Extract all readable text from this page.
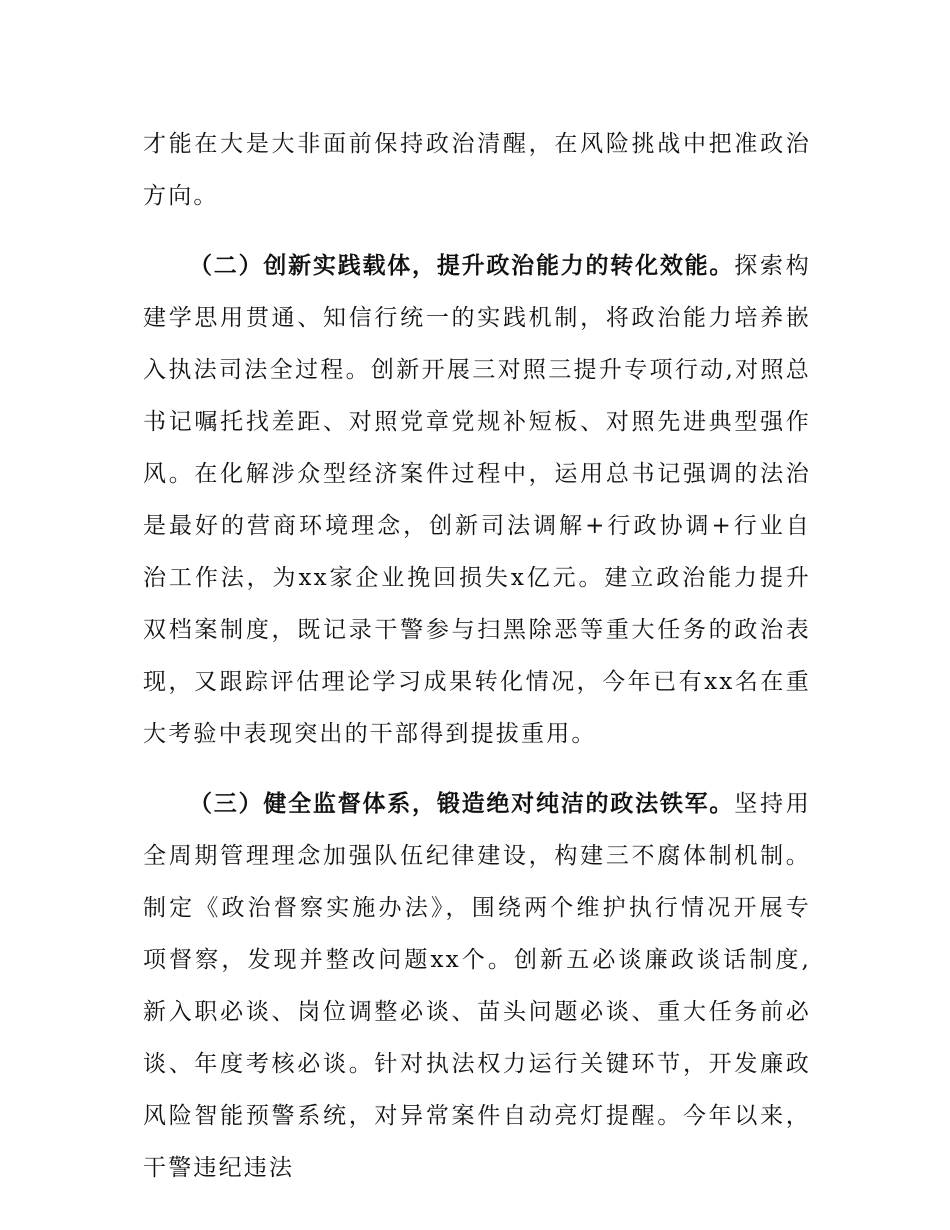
才能在大是大非面前保持政治清醒，在风险挑战中把准政治方向。

（二）创新实践载体，提升政治能力的转化效能。探索构建学思用贯通、知信行统一的实践机制，将政治能力培养嵌入执法司法全过程。创新开展三对照三提升专项行动,对照总书记嘱托找差距、对照党章党规补短板、对照先进典型强作风。在化解涉众型经济案件过程中，运用总书记强调的法治是最好的营商环境理念，创新司法调解+行政协调+行业自治工作法，为xx家企业挽回损失x亿元。建立政治能力提升双档案制度，既记录干警参与扫黑除恶等重大任务的政治表现，又跟踪评估理论学习成果转化情况，今年已有xx名在重大考验中表现突出的干部得到提拔重用。

（三）健全监督体系，锻造绝对纯洁的政法铁军。坚持用全周期管理理念加强队伍纪律建设，构建三不腐体制机制。制定《政治督察实施办法》，围绕两个维护执行情况开展专项督察，发现并整改问题xx个。创新五必谈廉政谈话制度,新入职必谈、岗位调整必谈、苗头问题必谈、重大任务前必谈、年度考核必谈。针对执法权力运行关键环节，开发廉政风险智能预警系统，对异常案件自动亮灯提醒。今年以来，干警违纪违法
